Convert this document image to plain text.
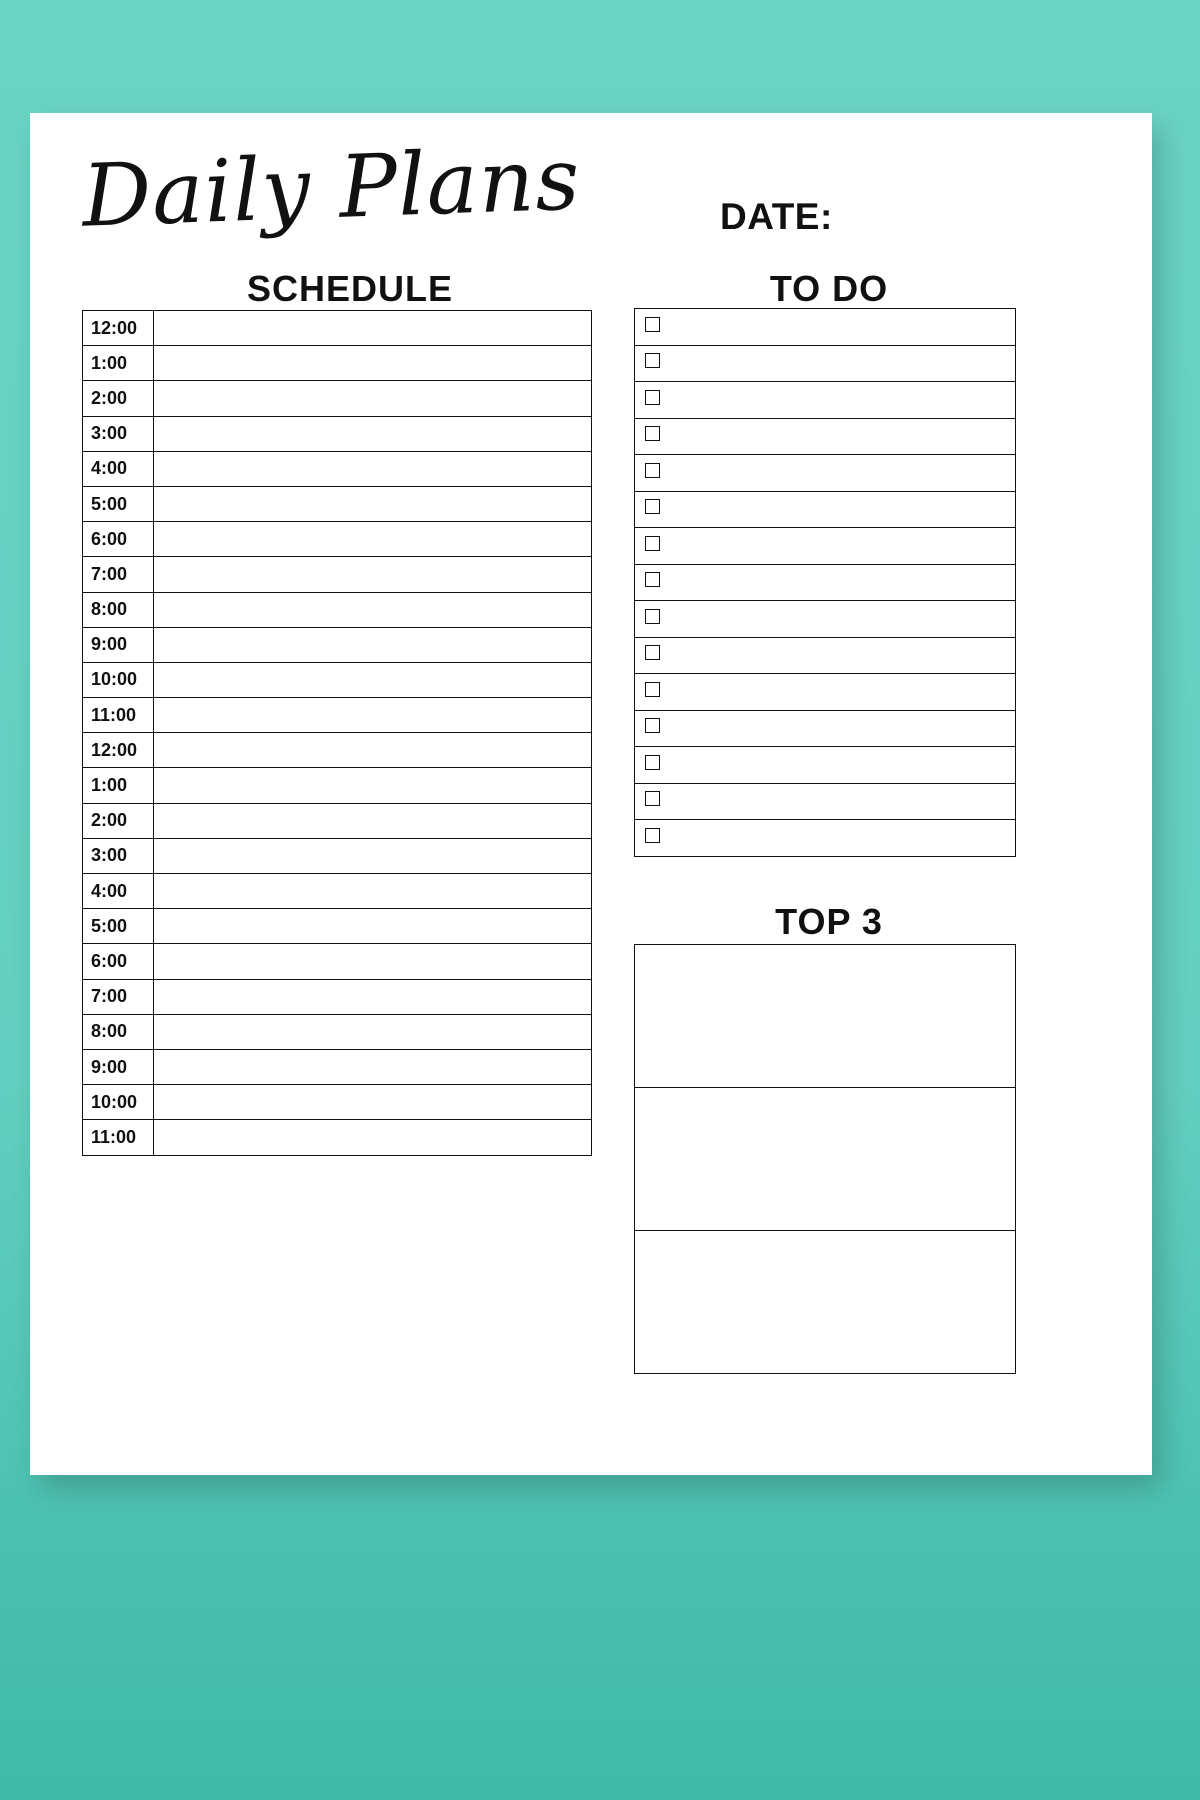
Daily Plans	DATE:
SCHEDULE
12:00	
1:00	
2:00	
3:00	
4:00	
5:00	
6:00	
7:00	
8:00	
9:00	
10:00	
11:00	
12:00	
1:00	
2:00	
3:00	
4:00	
5:00	
6:00	
7:00	
8:00	
9:00	
10:00	
11:00	
TO DO

TOP 3
